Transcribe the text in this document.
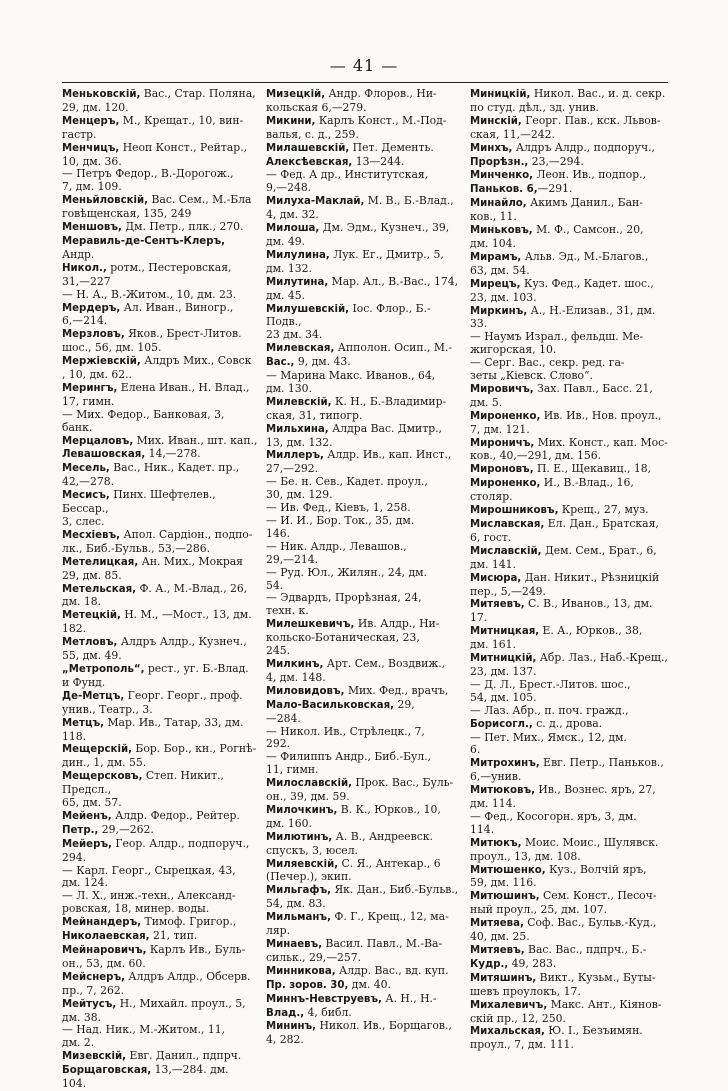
— 41 —

Меньковскій, Вас., Стар. Поляна,

29, дм. 120.

Менцеръ, М., Крещат., 10, вин-

гастр.

Менчицъ, Неоп Конст., Рейтар.,

10, дм. 36.

— Петръ Федор., В.-Дорогож.,

7, дм. 109.

Меньйловскій, Вас. Сем., М.-Бла

говѣщенская, 135, 249

Меншовъ, Дм. Петр., плк., 270.

Меравиль-де-Сентъ-Клеръ, Андр.

Никол., ротм., Пестеровская,

31,—227

— Н. А., В.-Житом., 10, дм. 23.

Мердеръ, Ал. Иван., Виногр.,

6,—214.

Мерзловъ, Яков., Брест-Литов.

шос., 56, дм. 105.

Мержіевскій, Алдръ Мих., Совск

, 10, дм. 62..

Мерингъ, Елена Иван., Н. Влад.,

17, гимн.

— Мих. Федор., Банковая, 3,

банк.

Мерцаловъ, Мих. Иван., шт. кап.,

Левашовская, 14,—278.

Месель, Вас., Ник., Кадет. пр.,

42,—278.

Месисъ, Пинх. Шефтелев., Бессар.,

3, слес.

Месхіевъ, Апол. Сардіон., подпо-

лк., Биб.-Бульв., 53,—286.

Метелицкая, Ан. Мих., Мокрая

29, дм. 85.

Метельская, Ф. А., М.-Влад., 26,

дм. 18.

Метецкій, Н. М., —Мост., 13, дм.

182.

Метловъ, Алдръ Алдр., Кузнеч.,

55, дм. 49.

„Метрополь“, рест., уг. Б.-Влад.

и Фунд.

Де-Метцъ, Георг. Георг., проф.

унив., Театр., 3.

Метцъ, Мар. Ив., Татар, 33, дм.

118.

Мещерскій, Бор. Бор., кн., Рогнѣ-

дин., 1, дм. 55.

Мещерсковъ, Степ. Никит., Предсл.,

65, дм. 57.

Мейенъ, Алдр. Федор., Рейтер.

Петр., 29,—262.

Мейеръ, Геор. Алдр., подпоруч.,

294.

— Карл. Георг., Сырецкая, 43,

дм. 124.

— Л. Х., инж.-техн., Александ-

ровская, 18, минер. воды.

Мейнандеръ, Тимоф. Григор.,

Николаевская, 21, тип.

Мейнаровичъ, Карлъ Ив., Буль-

он., 53, дм. 60.

Мейснеръ, Алдръ Алдр., Обсерв.

пр., 7, 262.

Мейтусъ, Н., Михайл. проул., 5,

дм. 38.

— Над. Ник., М.-Житом., 11,

дм. 2.

Мизевскій, Евг. Данил., пдпрч.

Борщаговская, 13,—284. дм.

104.

Мизецкій, Андр. Флоров., Ни-

кольская 6,—279.

Микини, Карлъ Конст., М.-Под-

валья, с. д., 259.

Милашевскій, Пет. Дементь.

Алексѣевская, 13—244.

— Фед. А др., Институтская,

9,—248.

Милуха-Маклай, М. В., Б.-Влад.,

4, дм. 32.

Милоша, Дм. Эдм., Кузнеч., 39,

дм. 49.

Милулина, Лук. Ег., Дмитр., 5,

дм. 132.

Милутина, Мар. Ал., В.-Вас., 174,

дм. 45.

Милушевскій, Іос. Флор., Б.-Подв.,

23 дм. 34.

Милевская, Апполон. Осип., М.-

Вас., 9, дм. 43.

— Марина Макс. Иванов., 64,

дм. 130.

Милевскій, К. Н., Б.-Владимир-

ская, 31, типогр.

Мильхина, Алдра Вас. Дмитр.,

13, дм. 132.

Миллеръ, Алдр. Ив., кап. Инст.,

27,—292.

— Бе. н. Сев., Кадет. проул.,

30, дм. 129.

— Ив. Фед., Кіевъ, 1, 258.

— И. И., Бор. Ток., 35, дм.

146.

— Ник. Алдр., Левашов.,

29,—214.

— Руд. Юл., Жилян., 24, дм.

54.

— Эдвардъ, Прорѣзная, 24,

техн. к.

Милешкевичъ, Ив. Алдр., Ни-

кольско-Ботаническая, 23,

245.

Милкинъ, Арт. Сем., Воздвиж.,

4, дм. 148.

Миловидовъ, Мих. Фед., врачъ,

Мало-Васильковская, 29,

—284.

— Никол. Ив., Стрѣлецк., 7,

292.

— Филиппъ Андр., Биб.-Бул.,

11, гимн.

Милославскій, Прок. Вас., Буль-

он., 39, дм. 59.

Милочкинъ, В. К., Юрков., 10,

дм. 160.

Милютинъ, А. В., Андреевск.

спускъ, 3, юсел.

Миляевскій, С. Я., Антекар., 6

(Печер.), экип.

Мильгафъ, Як. Дан., Биб.-Бульв.,

54, дм. 83.

Мильманъ, Ф. Г., Крещ., 12, ма-

ляр.

Минаевъ, Васил. Павл., М.-Ва-

сильк., 29,—257.

Минникова, Алдр. Вас., вд. куп.

Пр. зоров. 30, дм. 40.

Миннъ-Невструевъ, А. Н., Н.-

Влад., 4, библ.

Мининъ, Никол. Ив., Борщагов.,

4, 282.

Миницкій, Никол. Вас., и. д. секр.

по студ. дѣл., зд. унив.

Минскій, Георг. Пав., кск. Львов-

ская, 11,—242.

Минхъ, Алдръ Алдр., подпоруч.,

Прорѣзн., 23,—294.

Минченко, Леон. Ив., подпор.,

Паньков. 6,—291.

Минайло, Акимъ Данил., Бан-

ков., 11.

Миньковъ, М. Ф., Самсон., 20,

дм. 104.

Мирамъ, Альв. Эд., М.-Благов.,

63, дм. 54.

Мирецъ, Куз. Фед., Кадет. шос.,

23, дм. 103.

Миркинъ, А., Н.-Елизав., 31, дм.

33.

— Наумъ Израл., фельдш. Ме-

жигорская, 10.

— Серг. Вас., секр. ред. га-

зеты „Кіевск. Слово“.

Мировичъ, Зах. Павл., Басс. 21,

дм. 5.

Мироненко, Ив. Ив., Нов. проул.,

7, дм. 121.

Мироничъ, Мих. Конст., кап. Мос-

ков., 40,—291, дм. 156.

Мироновъ, П. Е., Щекавиц., 18,

Мироненко, И., В.-Влад., 16,

столяр.

Мирошниковъ, Крещ., 27, муз.

Миславская, Ел. Дан., Братская,

6, гост.

Миславскій, Дем. Сем., Брат., 6,

дм. 141.

Мисюра, Дан. Никит., Рѣзницкій

пер., 5,—249.

Митяевъ, С. В., Иванов., 13, дм.

17.

Митницкая, Е. А., Юрков., 38,

дм. 161.

Митницкій, Абр. Лаз., Наб.-Крещ.,

23, дм. 137.

— Д. Л., Брест.-Литов. шос.,

54, дм. 105.

— Лаз. Абр., п. поч. гражд.,

Борисогл., с. д., дрова.

— Пет. Мих., Ямск., 12, дм.

6.

Митрохинъ, Евг. Петр., Паньков.,

6,—унив.

Митюковъ, Ив., Вознес. яръ, 27,

дм. 114.

— Фед., Косогорн. яръ, 3, дм.

114.

Митюкъ, Моис. Моис., Шулявск.

проул., 13, дм. 108.

Митюшенко, Куз., Волчій яръ,

59, дм. 116.

Митюшинъ, Сем. Конст., Песоч-

ный проул., 25, дм. 107.

Митяева, Соф. Вас., Бульв.-Куд.,

40, дм. 25.

Митяевъ, Вас. Вас., пдпрч., Б.-

Кудр., 49, 283.

Митяшинъ, Викт., Кузьм., Буты-

шевъ проулокъ, 17.

Михалевичъ, Макс. Ант., Кіянов-

скій пр., 12, 250.

Михальская, Ю. І., Безъимян.

проул., 7, дм. 111.
